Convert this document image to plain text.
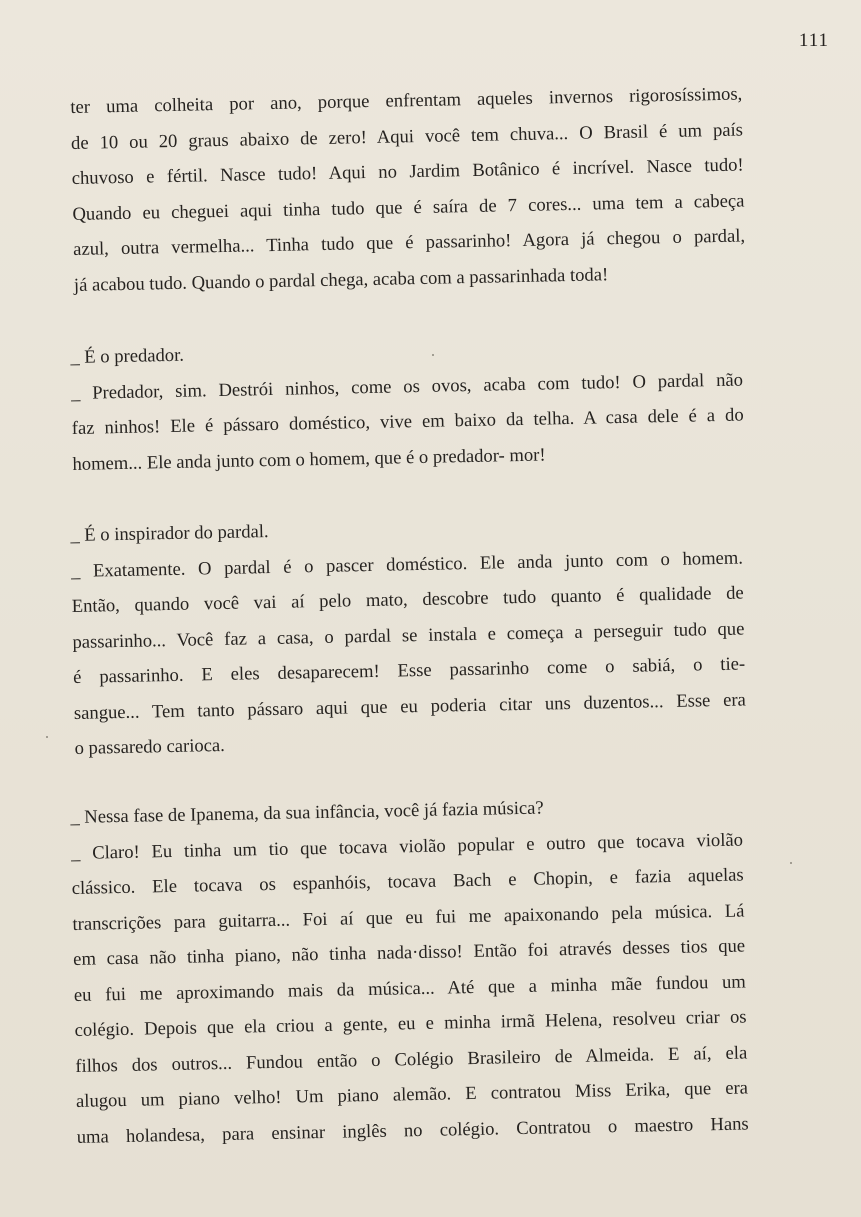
111
ter uma colheita por ano, porque enfrentam aqueles invernos rigorosíssimos,
de 10 ou 20 graus abaixo de zero! Aqui você tem chuva... O Brasil é um país
chuvoso e fértil. Nasce tudo! Aqui no Jardim Botânico é incrível. Nasce tudo!
Quando eu cheguei aqui tinha tudo que é saíra de 7 cores... uma tem a cabeça
azul, outra vermelha... Tinha tudo que é passarinho! Agora já chegou o pardal,
já acabou tudo. Quando o pardal chega, acaba com a passarinhada toda!
_ É o predador.
_ Predador, sim. Destrói ninhos, come os ovos, acaba com tudo! O pardal não
faz ninhos! Ele é pássaro doméstico, vive em baixo da telha. A casa dele é a do
homem... Ele anda junto com o homem, que é o predador- mor!
_ É o inspirador do pardal.
_ Exatamente. O pardal é o pascer doméstico. Ele anda junto com o homem.
Então, quando você vai aí pelo mato, descobre tudo quanto é qualidade de
passarinho... Você faz a casa, o pardal se instala e começa a perseguir tudo que
é passarinho. E eles desaparecem! Esse passarinho come o sabiá, o tie-
sangue... Tem tanto pássaro aqui que eu poderia citar uns duzentos... Esse era
o passaredo carioca.
_ Nessa fase de Ipanema, da sua infância, você já fazia música?
_ Claro! Eu tinha um tio que tocava violão popular e outro que tocava violão
clássico. Ele tocava os espanhóis, tocava Bach e Chopin, e fazia aquelas
transcrições para guitarra... Foi aí que eu fui me apaixonando pela música. Lá
em casa não tinha piano, não tinha nada·disso! Então foi através desses tios que
eu fui me aproximando mais da música... Até que a minha mãe fundou um
colégio. Depois que ela criou a gente, eu e minha irmã Helena, resolveu criar os
filhos dos outros... Fundou então o Colégio Brasileiro de Almeida. E aí, ela
alugou um piano velho! Um piano alemão. E contratou Miss Erika, que era
uma holandesa, para ensinar inglês no colégio. Contratou o maestro Hans
